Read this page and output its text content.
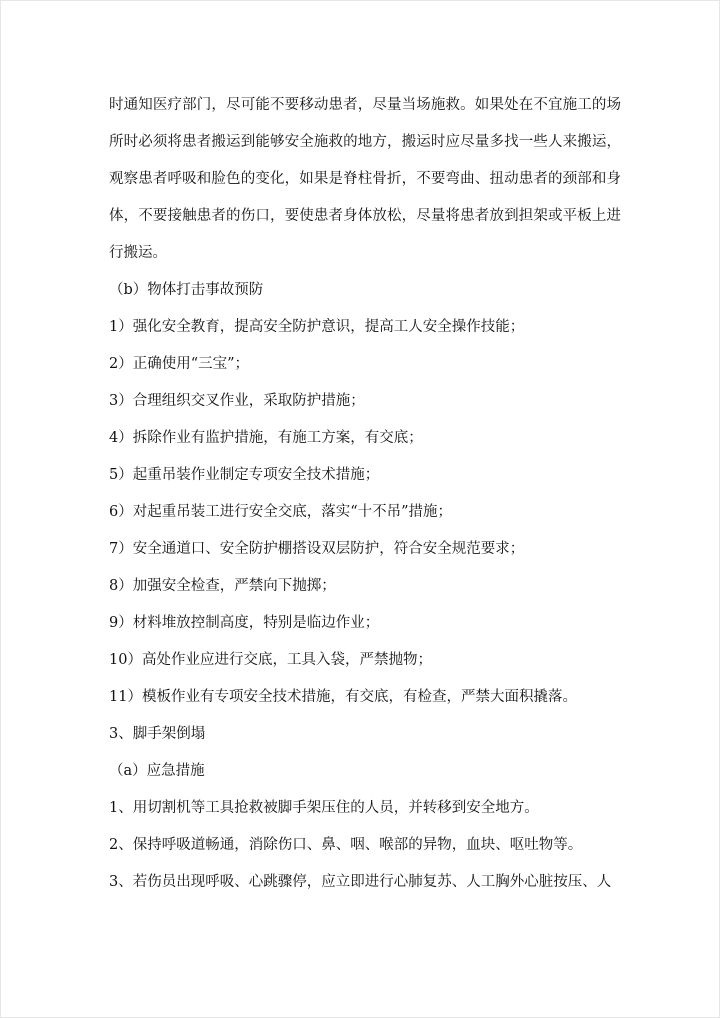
时通知医疗部门，尽可能不要移动患者，尽量当场施救。如果处在不宜施工的场

所时必须将患者搬运到能够安全施救的地方，搬运时应尽量多找一些人来搬运，

观察患者呼吸和脸色的变化，如果是脊柱骨折，不要弯曲、扭动患者的颈部和身

体，不要接触患者的伤口，要使患者身体放松，尽量将患者放到担架或平板上进

行搬运。

（b）物体打击事故预防
1）强化安全教育，提高安全防护意识，提高工人安全操作技能；
2）正确使用“三宝”；
3）合理组织交叉作业，采取防护措施；
4）拆除作业有监护措施，有施工方案，有交底；
5）起重吊装作业制定专项安全技术措施；
6）对起重吊装工进行安全交底，落实“十不吊”措施；
7）安全通道口、安全防护棚搭设双层防护，符合安全规范要求；
8）加强安全检查，严禁向下抛掷；
9）材料堆放控制高度，特别是临边作业；
10）高处作业应进行交底，工具入袋，严禁抛物；
11）模板作业有专项安全技术措施，有交底，有检查，严禁大面积撬落。
3、脚手架倒塌
（a）应急措施
1、用切割机等工具抢救被脚手架压住的人员，并转移到安全地方。
2、保持呼吸道畅通，消除伤口、鼻、咽、喉部的异物，血块、呕吐物等。
3、若伤员出现呼吸、心跳骤停，应立即进行心肺复苏、人工胸外心脏按压、人
